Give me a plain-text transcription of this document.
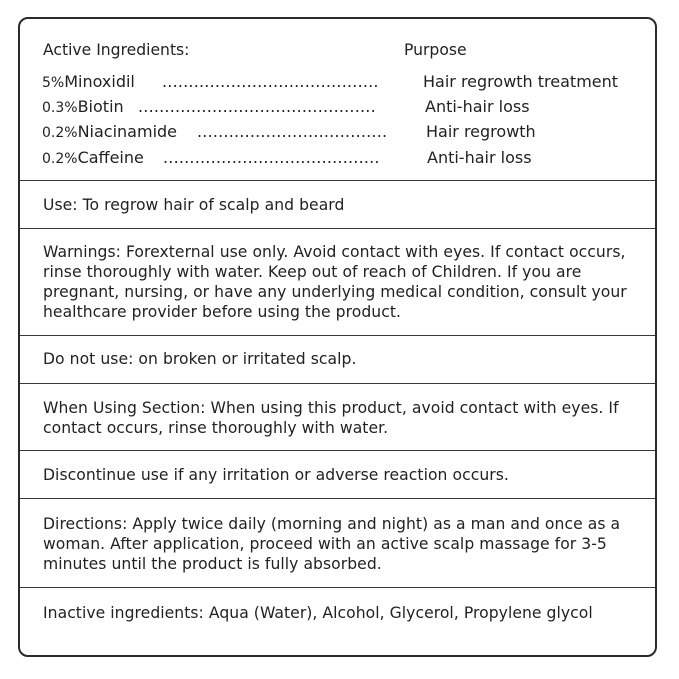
Active Ingredients:	Purpose
5%Minoxidil .........................................	Hair regrowth treatment
0.3%Biotin .............................................	Anti-hair loss
0.2%Niacinamide ....................................	Hair regrowth
0.2%Caffeine .........................................	Anti-hair loss

Use: To regrow hair of scalp and beard

Warnings: Forexternal use only. Avoid contact with eyes. If contact occurs, rinse thoroughly with water. Keep out of reach of Children. If you are pregnant, nursing, or have any underlying medical condition, consult your healthcare provider before using the product.

Do not use: on broken or irritated scalp.

When Using Section: When using this product, avoid contact with eyes. If contact occurs, rinse thoroughly with water.

Discontinue use if any irritation or adverse reaction occurs.

Directions: Apply twice daily (morning and night) as a man and once as a woman. After application, proceed with an active scalp massage for 3-5 minutes until the product is fully absorbed.

Inactive ingredients: Aqua (Water), Alcohol, Glycerol, Propylene glycol
